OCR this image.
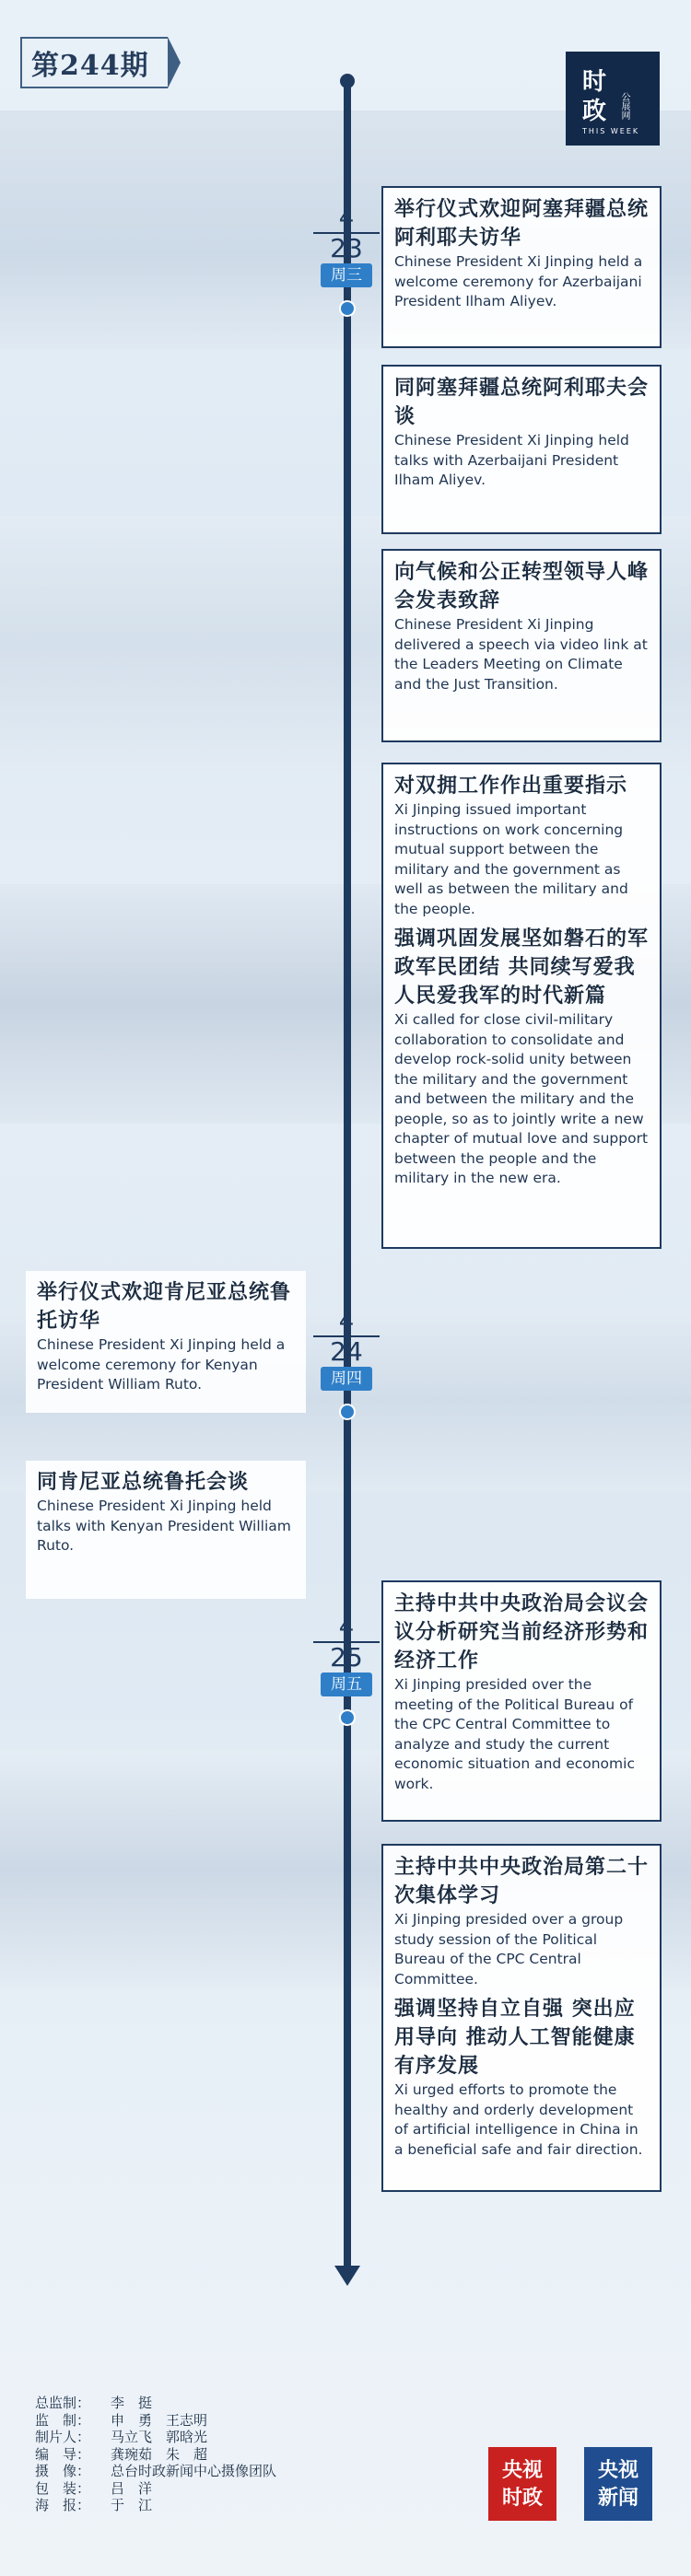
第244期	时
政 公展网
THIS WEEK
4
23
周三
4
24
周四
4
25
周五
举行仪式欢迎阿塞拜疆总统阿利耶夫访华
Chinese President Xi Jinping held a welcome ceremony for Azerbaijani President Ilham Aliyev.
同阿塞拜疆总统阿利耶夫会谈
Chinese President Xi Jinping held talks with Azerbaijani President Ilham Aliyev.
向气候和公正转型领导人峰会发表致辞
Chinese President Xi Jinping delivered a speech via video link at the Leaders Meeting on Climate and the Just Transition.
对双拥工作作出重要指示
Xi Jinping issued important instructions on work concerning mutual support between the military and the government as well as between the military and the people.
强调巩固发展坚如磐石的军政军民团结 共同续写爱我人民爱我军的时代新篇
Xi called for close civil-military collaboration to consolidate and develop rock-solid unity between the military and the government and between the military and the people, so as to jointly write a new chapter of mutual love and support between the people and the military in the new era.
举行仪式欢迎肯尼亚总统鲁托访华
Chinese President Xi Jinping held a welcome ceremony for Kenyan President William Ruto.
同肯尼亚总统鲁托会谈
Chinese President Xi Jinping held talks with Kenyan President William Ruto.
主持中共中央政治局会议会议分析研究当前经济形势和经济工作
Xi Jinping presided over the meeting of the Political Bureau of the CPC Central Committee to analyze and study the current economic situation and economic work.
主持中共中央政治局第二十次集体学习
Xi Jinping presided over a group study session of the Political Bureau of the CPC Central Committee.
强调坚持自立自强 突出应用导向 推动人工智能健康有序发展
Xi urged efforts to promote the healthy and orderly development of artificial intelligence in China in a beneficial safe and fair direction.
总监制： 李　挺
监　制： 申　勇　王志明
制片人： 马立飞　郭晗光
编　导： 龚琬茹　朱　超
摄　像： 总台时政新闻中心摄像团队
包　装： 吕　洋
海　报： 于　江
央视
时政
央视
新闻
